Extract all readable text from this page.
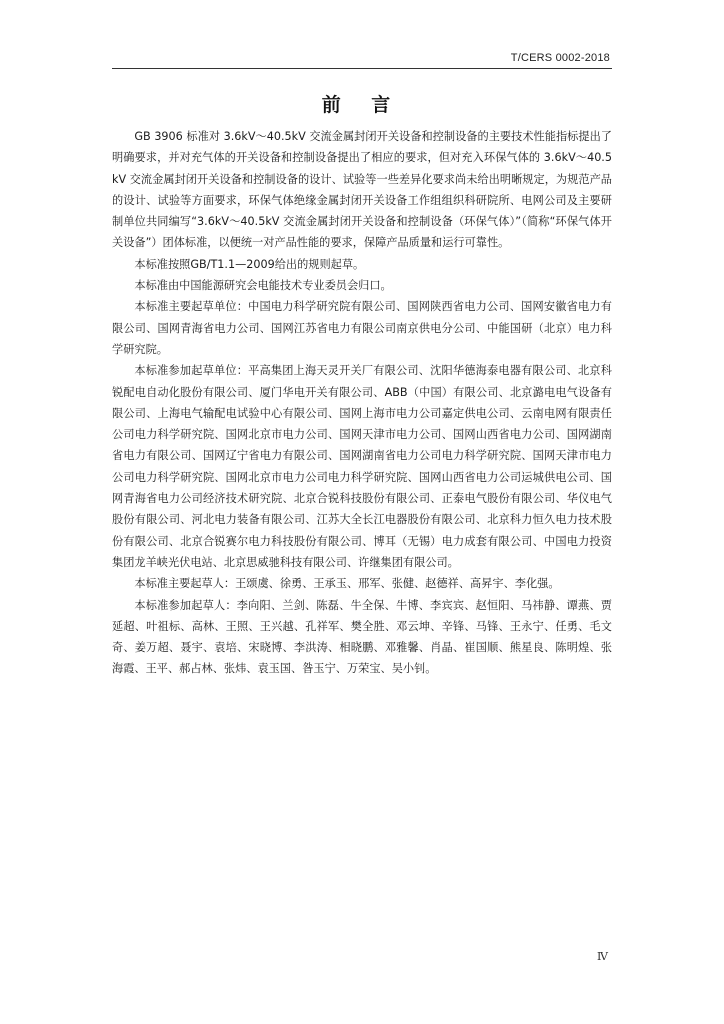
T/CERS 0002-2018
前 言

GB 3906 标准对 3.6kV～40.5kV 交流金属封闭开关设备和控制设备的主要技术性能指标提出了明确要求，并对充气体的开关设备和控制设备提出了相应的要求，但对充入环保气体的 3.6kV～40.5kV 交流金属封闭开关设备和控制设备的设计、试验等一些差异化要求尚未给出明晰规定，为规范产品的设计、试验等方面要求，环保气体绝缘金属封闭开关设备工作组组织科研院所、电网公司及主要研制单位共同编写“3.6kV～40.5kV 交流金属封闭开关设备和控制设备（环保气体）”（简称“环保气体开关设备”）团体标准，以便统一对产品性能的要求，保障产品质量和运行可靠性。

本标准按照GB/T1.1—2009给出的规则起草。

本标准由中国能源研究会电能技术专业委员会归口。

本标准主要起草单位：中国电力科学研究院有限公司、国网陕西省电力公司、国网安徽省电力有限公司、国网青海省电力公司、国网江苏省电力有限公司南京供电分公司、中能国研（北京）电力科学研究院。

本标准参加起草单位：平高集团上海天灵开关厂有限公司、沈阳华德海泰电器有限公司、北京科锐配电自动化股份有限公司、厦门华电开关有限公司、ABB（中国）有限公司、北京潞电电气设备有限公司、上海电气输配电试验中心有限公司、国网上海市电力公司嘉定供电公司、云南电网有限责任公司电力科学研究院、国网北京市电力公司、国网天津市电力公司、国网山西省电力公司、国网湖南省电力有限公司、国网辽宁省电力有限公司、国网湖南省电力公司电力科学研究院、国网天津市电力公司电力科学研究院、国网北京市电力公司电力科学研究院、国网山西省电力公司运城供电公司、国网青海省电力公司经济技术研究院、北京合锐科技股份有限公司、正泰电气股份有限公司、华仪电气股份有限公司、河北电力装备有限公司、江苏大全长江电器股份有限公司、北京科力恒久电力技术股份有限公司、北京合锐赛尔电力科技股份有限公司、博耳（无锡）电力成套有限公司、中国电力投资集团龙羊峡光伏电站、北京思威驰科技有限公司、许继集团有限公司。

本标准主要起草人：王颂虞、徐勇、王承玉、邢军、张健、赵德祥、高昇宇、李化强。

本标准参加起草人：李向阳、兰剑、陈磊、牛全保、牛博、李宾宾、赵恒阳、马祎静、谭燕、贾延超、叶祖标、高林、王照、王兴越、孔祥军、樊全胜、邓云坤、辛锋、马锋、王永宁、任勇、毛文奇、姜万超、聂宇、袁培、宋晓博、李洪涛、相晓鹏、邓雅馨、肖晶、崔国顺、熊星良、陈明煌、张海霞、王平、郝占林、张炜、袁玉国、昝玉宁、万荣宝、吴小钊。

Ⅳ
